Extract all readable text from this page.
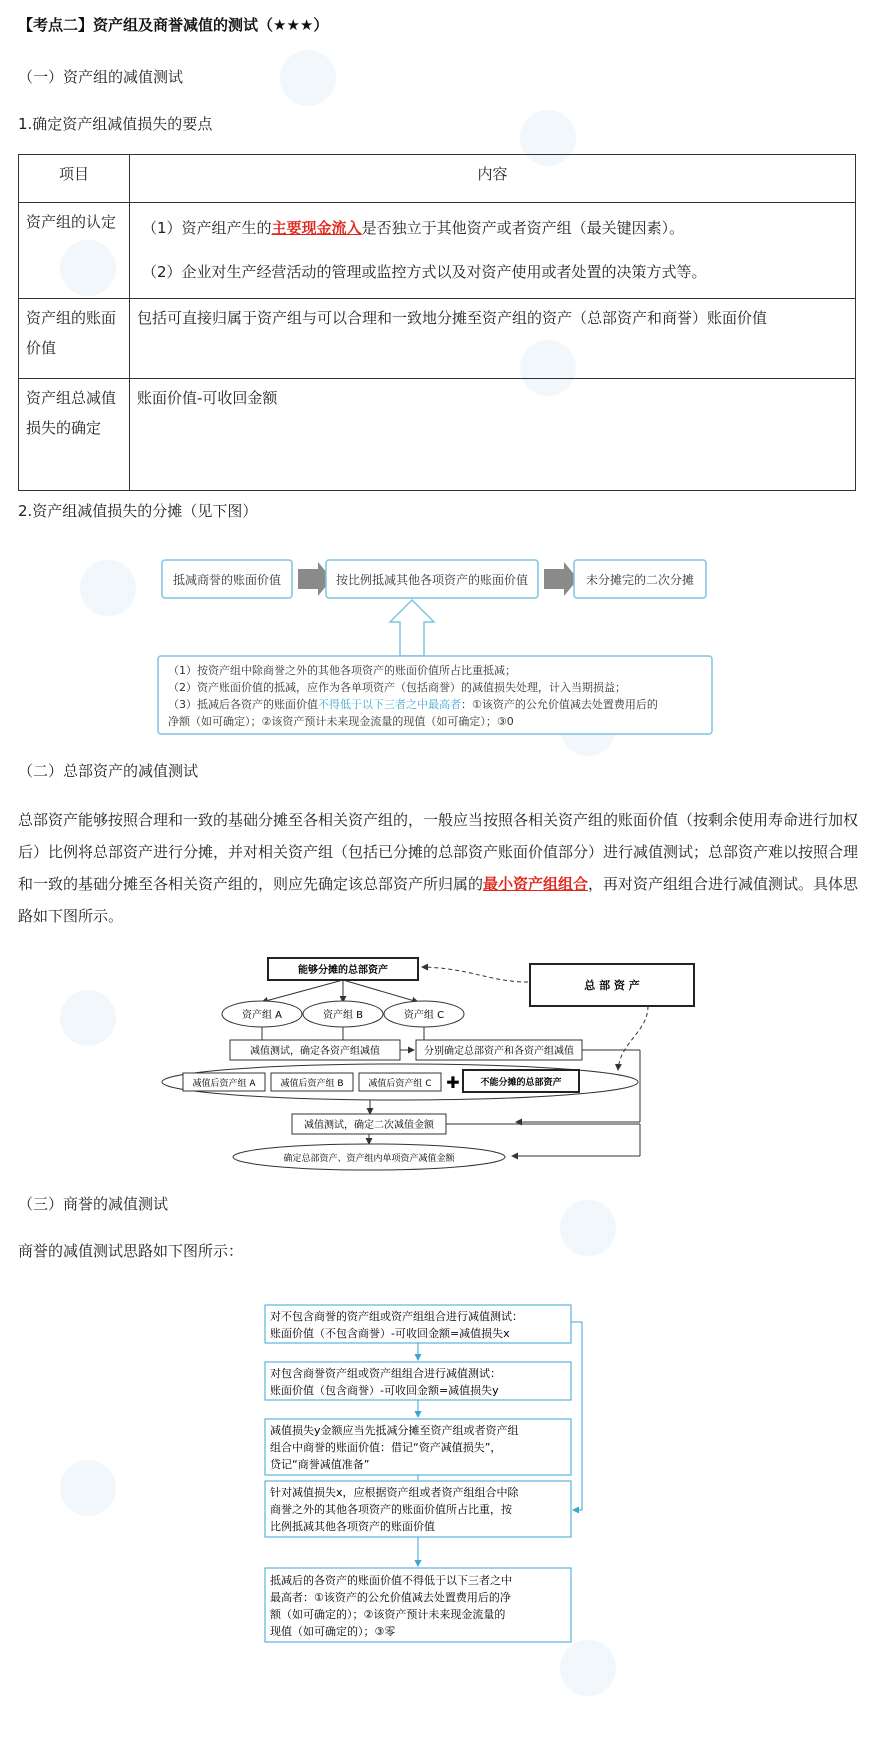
【考点二】资产组及商誉减值的测试（★★★）
（一）资产组的减值测试
1.确定资产组减值损失的要点
项目	内容
资产组的认定	（1）资产组产生的主要现金流入是否独立于其他资产或者资产组（最关键因素）。
（2）企业对生产经营活动的管理或监控方式以及对资产使用或者处置的决策方式等。

资产组的账面价值	包括可直接归属于资产组与可以合理和一致地分摊至资产组的资产（总部资产和商誉）账面价值
资产组总减值损失的确定	账面价值-可收回金额
2.资产组减值损失的分摊（见下图）
抵减商誉的账面价值	按比例抵减其他各项资产的账面价值	未分摊完的二次分摊
（1）按资产组中除商誉之外的其他各项资产的账面价值所占比重抵减；
（2）资产账面价值的抵减，应作为各单项资产（包括商誉）的减值损失处理，计入当期损益；
（3）抵减后各资产的账面价值不得低于以下三者之中最高者：①该资产的公允价值减去处置费用后的
净额（如可确定）；②该资产预计未来现金流量的现值（如可确定）；③0
（二）总部资产的减值测试
总部资产能够按照合理和一致的基础分摊至各相关资产组的，一般应当按照各相关资产组的账面价值（按剩余使用寿命进行加权后）比例将总部资产进行分摊，并对相关资产组（包括已分摊的总部资产账面价值部分）进行减值测试；总部资产难以按照合理和一致的基础分摊至各相关资产组的，则应先确定该总部资产所归属的最小资产组组合，再对资产组组合进行减值测试。具体思路如下图所示。
能够分摊的总部资产
总 部 资 产
资产组 A	资产组 B	资产组 C
减值测试，确定各资产组减值	分别确定总部资产和各资产组减值
减值后资产组 A	减值后资产组 B	减值后资产组 C ✚ 不能分摊的总部资产
减值测试，确定二次减值金额
确定总部资产、资产组内单项资产减值金额
（三）商誉的减值测试
商誉的减值测试思路如下图所示：
对不包含商誉的资产组或资产组组合进行减值测试：
账面价值（不包含商誉）-可收回金额=减值损失x
对包含商誉资产组或资产组组合进行减值测试：
账面价值（包含商誉）-可收回金额=减值损失y
减值损失y金额应当先抵减分摊至资产组或者资产组
组合中商誉的账面价值：借记“资产减值损失”，
贷记“商誉减值准备”
针对减值损失x，应根据资产组或者资产组组合中除
商誉之外的其他各项资产的账面价值所占比重，按
比例抵减其他各项资产的账面价值
抵减后的各资产的账面价值不得低于以下三者之中
最高者：①该资产的公允价值减去处置费用后的净
额（如可确定的）；②该资产预计未来现金流量的
现值（如可确定的）；③零
